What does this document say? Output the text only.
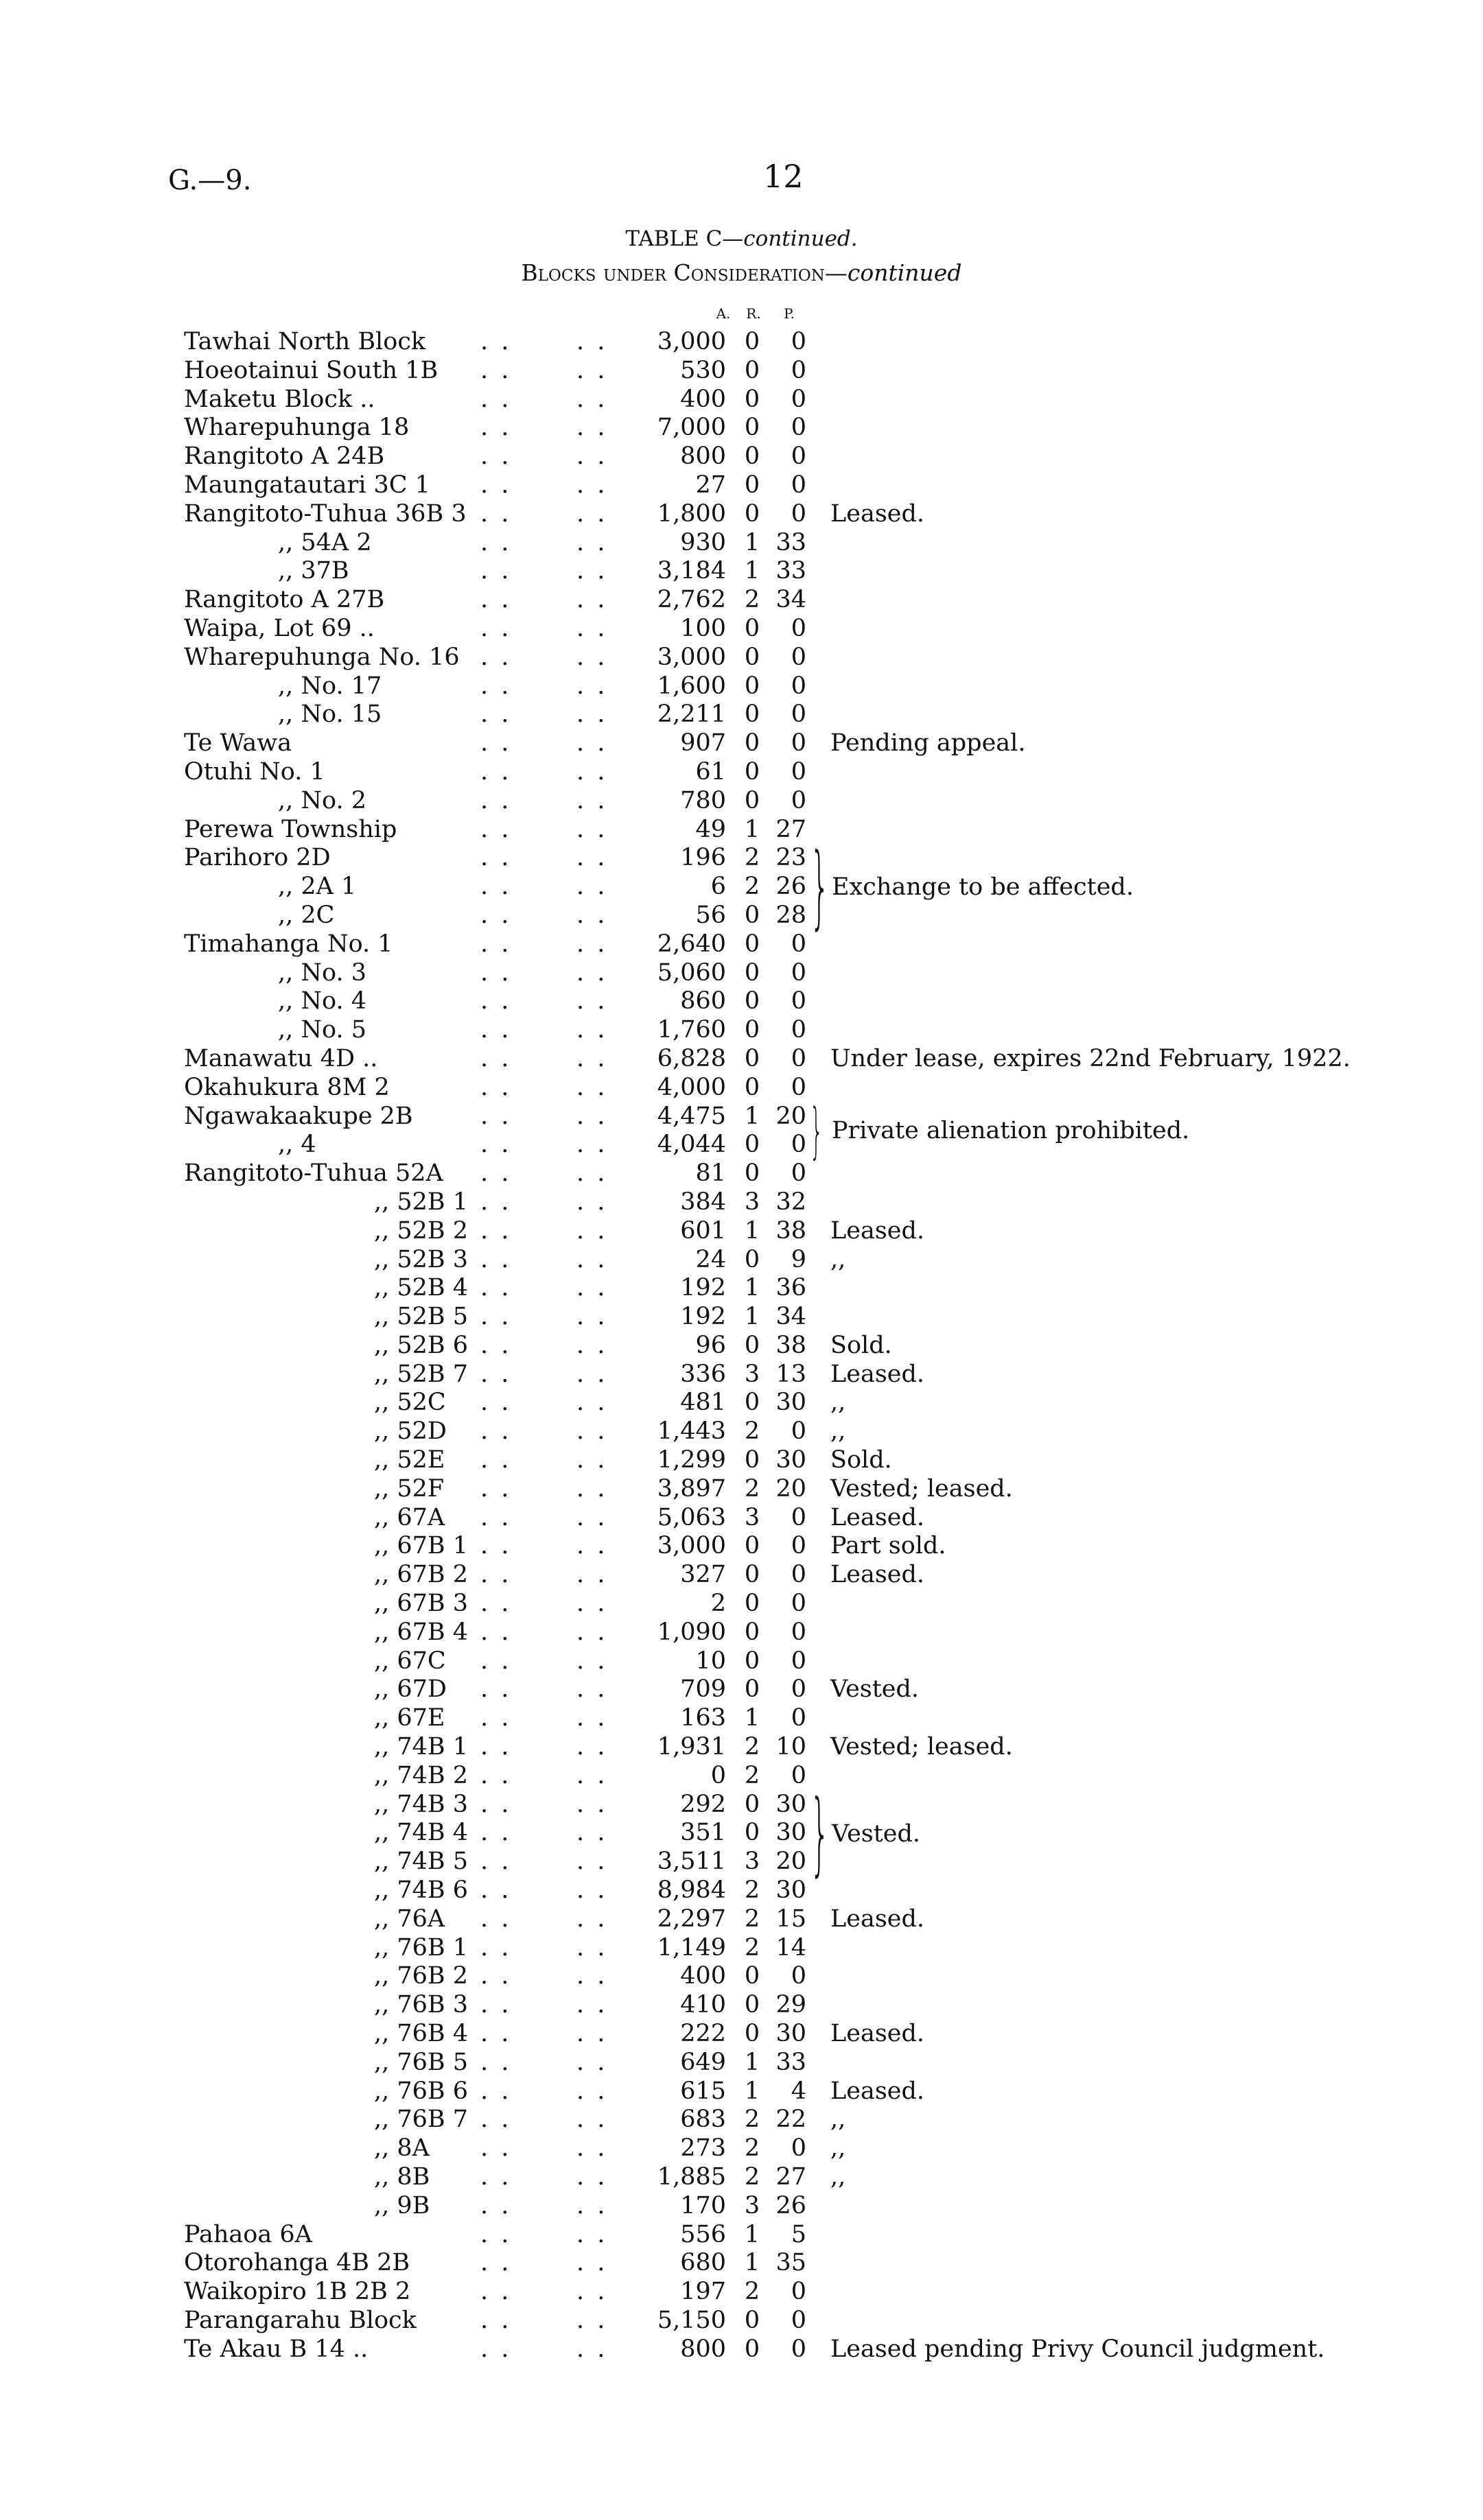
G.—9.	12
TABLE C—continued.
Blocks under Consideration—continued
A.	R.	P.
Tawhai North Block . .	. .	3,000 0	0
Hoeotainui South 1B . .	. .	530 0	0
Maketu Block ..	. .	. .	400 0	0
Wharepuhunga 18	. .	. .	7,000 0	0
Rangitoto A 24B	. .	. .	800 0	0
Maungatautari 3C 1 . .	. .	27 0	0
Rangitoto-Tuhua 36B 3 . .	. .	1,800 0	0 Leased.
,, 54A 2	. .	. .	930 1 33
,, 37B	. .	. .	3,184 1 33
Rangitoto A 27B	. .	. .	2,762 2 34
Waipa, Lot 69 ..	. .	. .	100 0	0
Wharepuhunga No. 16 . .	. .	3,000 0	0
,, No. 17	. .	. .	1,600 0	0
,, No. 15	. .	. .	2,211 0	0
Te Wawa	. .	. .	907 0	0 Pending appeal.
Otuhi No. 1	. .	. .	61 0	0
,, No. 2	. .	. .	780 0	0
Perewa Township	. .	. .	49 1 27
Parihoro 2D	. .	. .	196 2 23
,, 2A 1	. .	. .	6 2 26
,, 2C	. .	. .	56 0 28
Timahanga No. 1	. .	. .	2,640 0	0
,, No. 3	. .	. .	5,060 0	0
,, No. 4	. .	. .	860 0	0
,, No. 5	. .	. .	1,760 0	0
Manawatu 4D ..	. .	. .	6,828 0	0 Under lease, expires 22nd February, 1922.
Okahukura 8M 2	. .	. .	4,000 0	0
Ngawakaakupe 2B	. .	. .	4,475 1 20
,, 4	. .	. .	4,044 0	0
Rangitoto-Tuhua 52A . .	. .	81 0	0
,, 52B 1 . .	. .	384 3 32
,, 52B 2 . .	. .	601 1 38 Leased.
,, 52B 3 . .	. .	24 0	9 ,,
,, 52B 4 . .	. .	192 1 36
,, 52B 5 . .	. .	192 1 34
,, 52B 6 . .	. .	96 0 38 Sold.
,, 52B 7 . .	. .	336 3 13 Leased.
,, 52C . .	. .	481 0 30 ,,
,, 52D . .	. .	1,443 2	0 ,,
,, 52E . .	. .	1,299 0 30 Sold.
,, 52F . .	. .	3,897 2 20 Vested; leased.
,, 67A . .	. .	5,063 3	0 Leased.
,, 67B 1 . .	. .	3,000 0	0 Part sold.
,, 67B 2 . .	. .	327 0	0 Leased.
,, 67B 3 . .	. .	2 0	0
,, 67B 4 . .	. .	1,090 0	0
,, 67C . .	. .	10 0	0
,, 67D . .	. .	709 0	0 Vested.
,, 67E . .	. .	163 1	0
,, 74B 1 . .	. .	1,931 2 10 Vested; leased.
,, 74B 2 . .	. .	0 2	0
,, 74B 3 . .	. .	292 0 30
,, 74B 4 . .	. .	351 0 30
,, 74B 5 . .	. .	3,511 3 20
,, 74B 6 . .	. .	8,984 2 30
,, 76A . .	. .	2,297 2 15 Leased.
,, 76B 1 . .	. .	1,149 2 14
,, 76B 2 . .	. .	400 0	0
,, 76B 3 . .	. .	410 0 29
,, 76B 4 . .	. .	222 0 30 Leased.
,, 76B 5 . .	. .	649 1 33
,, 76B 6 . .	. .	615 1	4 Leased.
,, 76B 7 . .	. .	683 2 22 ,,
,, 8A . .	. .	273 2	0 ,,
,, 8B . .	. .	1,885 2 27 ,,
,, 9B . .	. .	170 3 26
Pahaoa 6A	. .	. .	556 1	5
Otorohanga 4B 2B	. .	. .	680 1 35
Waikopiro 1B 2B 2	. .	. .	197 2	0
Parangarahu Block	. .	. .	5,150 0	0
Te Akau B 14 ..	. .	. .	800 0	0 Leased pending Privy Council judgment.
} Exchange to be affected.
} Private alienation prohibited.
} Vested.
